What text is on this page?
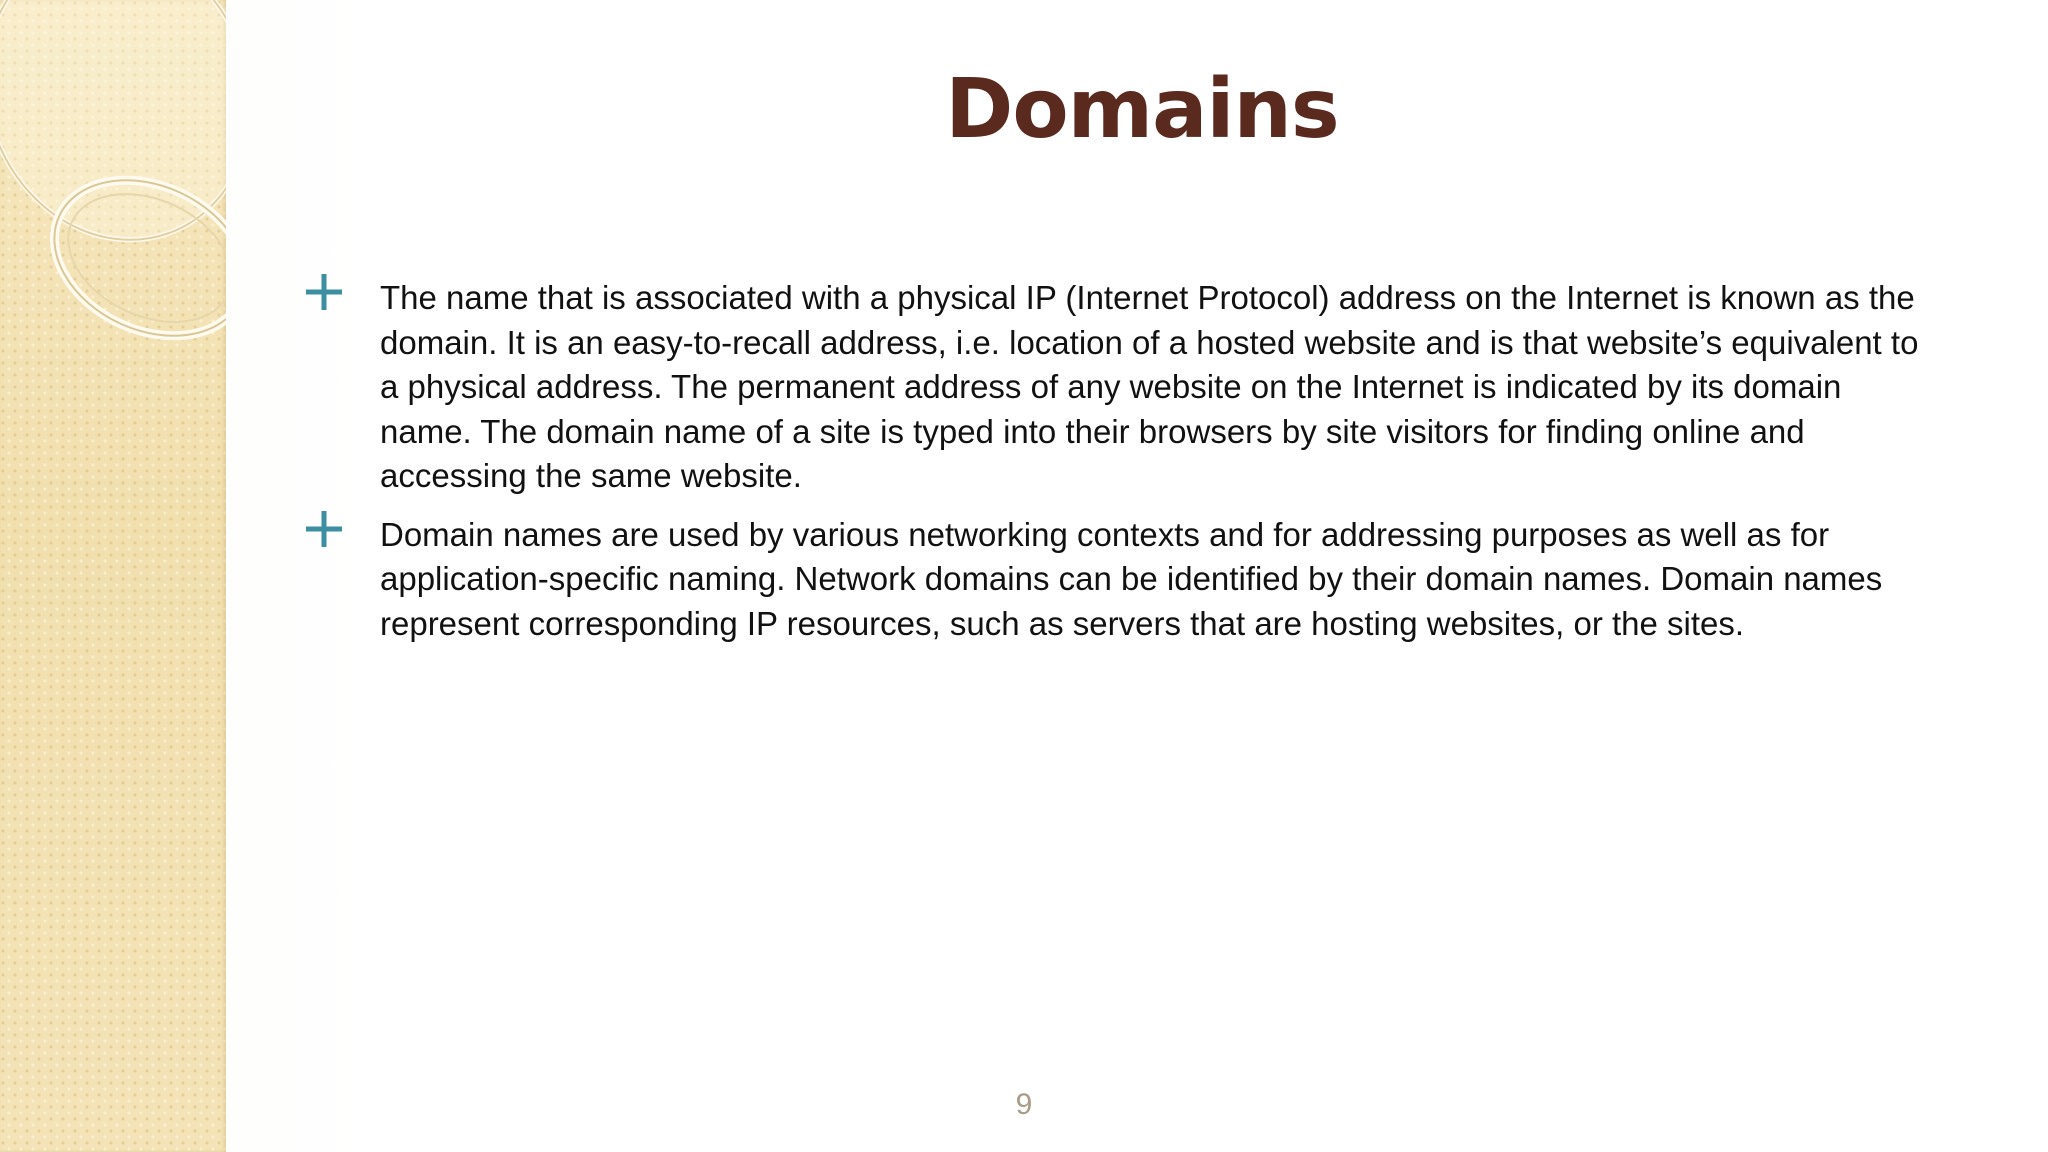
Domains
The name that is associated with a physical IP (Internet Protocol) address on the Internet is known as the domain. It is an easy-to-recall address, i.e. location of a hosted website and is that website’s equivalent to a physical address. The permanent address of any website on the Internet is indicated by its domain name. The domain name of a site is typed into their browsers by site visitors for finding online and accessing the same website.
Domain names are used by various networking contexts and for addressing purposes as well as for application-specific naming. Network domains can be identified by their domain names. Domain names represent corresponding IP resources, such as servers that are hosting websites, or the sites.
9
